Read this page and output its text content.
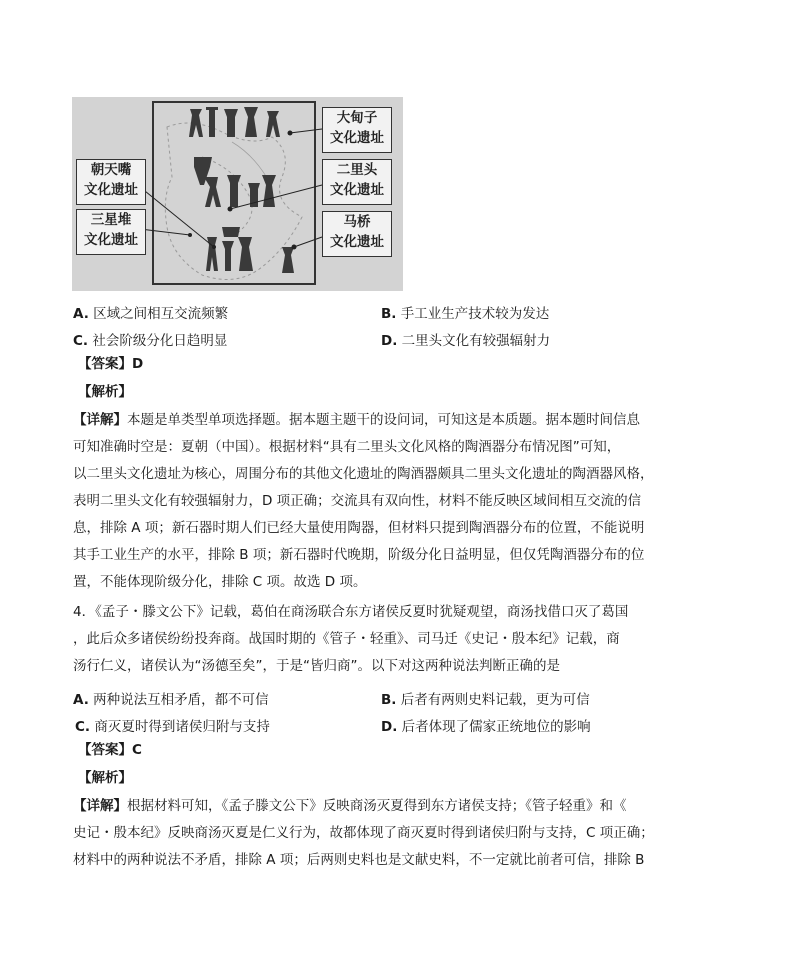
大甸子
文化遗址
二里头
文化遗址
马桥
文化遗址
朝天嘴
文化遗址
三星堆
文化遗址
A. 区域之间相互交流频繁	B. 手工业生产技术较为发达
C. 社会阶级分化日趋明显	D. 二里头文化有较强辐射力
【答案】D
【解析】
【详解】本题是单类型单项选择题。据本题主题干的设问词，可知这是本质题。据本题时间信息
可知准确时空是：夏朝（中国）。根据材料“具有二里头文化风格的陶酒器分布情况图”可知，
以二里头文化遗址为核心，周围分布的其他文化遗址的陶酒器颇具二里头文化遗址的陶酒器风格，
表明二里头文化有较强辐射力，D 项正确；交流具有双向性，材料不能反映区域间相互交流的信
息，排除 A 项；新石器时期人们已经大量使用陶器，但材料只提到陶酒器分布的位置，不能说明
其手工业生产的水平，排除 B 项；新石器时代晚期，阶级分化日益明显，但仅凭陶酒器分布的位
置，不能体现阶级分化，排除 C 项。故选 D 项。
4．《孟子・滕文公下》记载，葛伯在商汤联合东方诸侯反夏时犹疑观望，商汤找借口灭了葛国
，此后众多诸侯纷纷投奔商。战国时期的《管子・轻重》、司马迁《史记・殷本纪》记载，商
汤行仁义，诸侯认为“汤德至矣”，于是“皆归商”。以下对这两种说法判断正确的是
A. 两种说法互相矛盾，都不可信	B. 后者有两则史料记载，更为可信
C. 商灭夏时得到诸侯归附与支持	D. 后者体现了儒家正统地位的影响
【答案】C
【解析】
【详解】根据材料可知，《孟子滕文公下》反映商汤灭夏得到东方诸侯支持；《管子轻重》和《
史记・殷本纪》反映商汤灭夏是仁义行为，故都体现了商灭夏时得到诸侯归附与支持，C 项正确；
材料中的两种说法不矛盾，排除 A 项；后两则史料也是文献史料，不一定就比前者可信，排除 B
